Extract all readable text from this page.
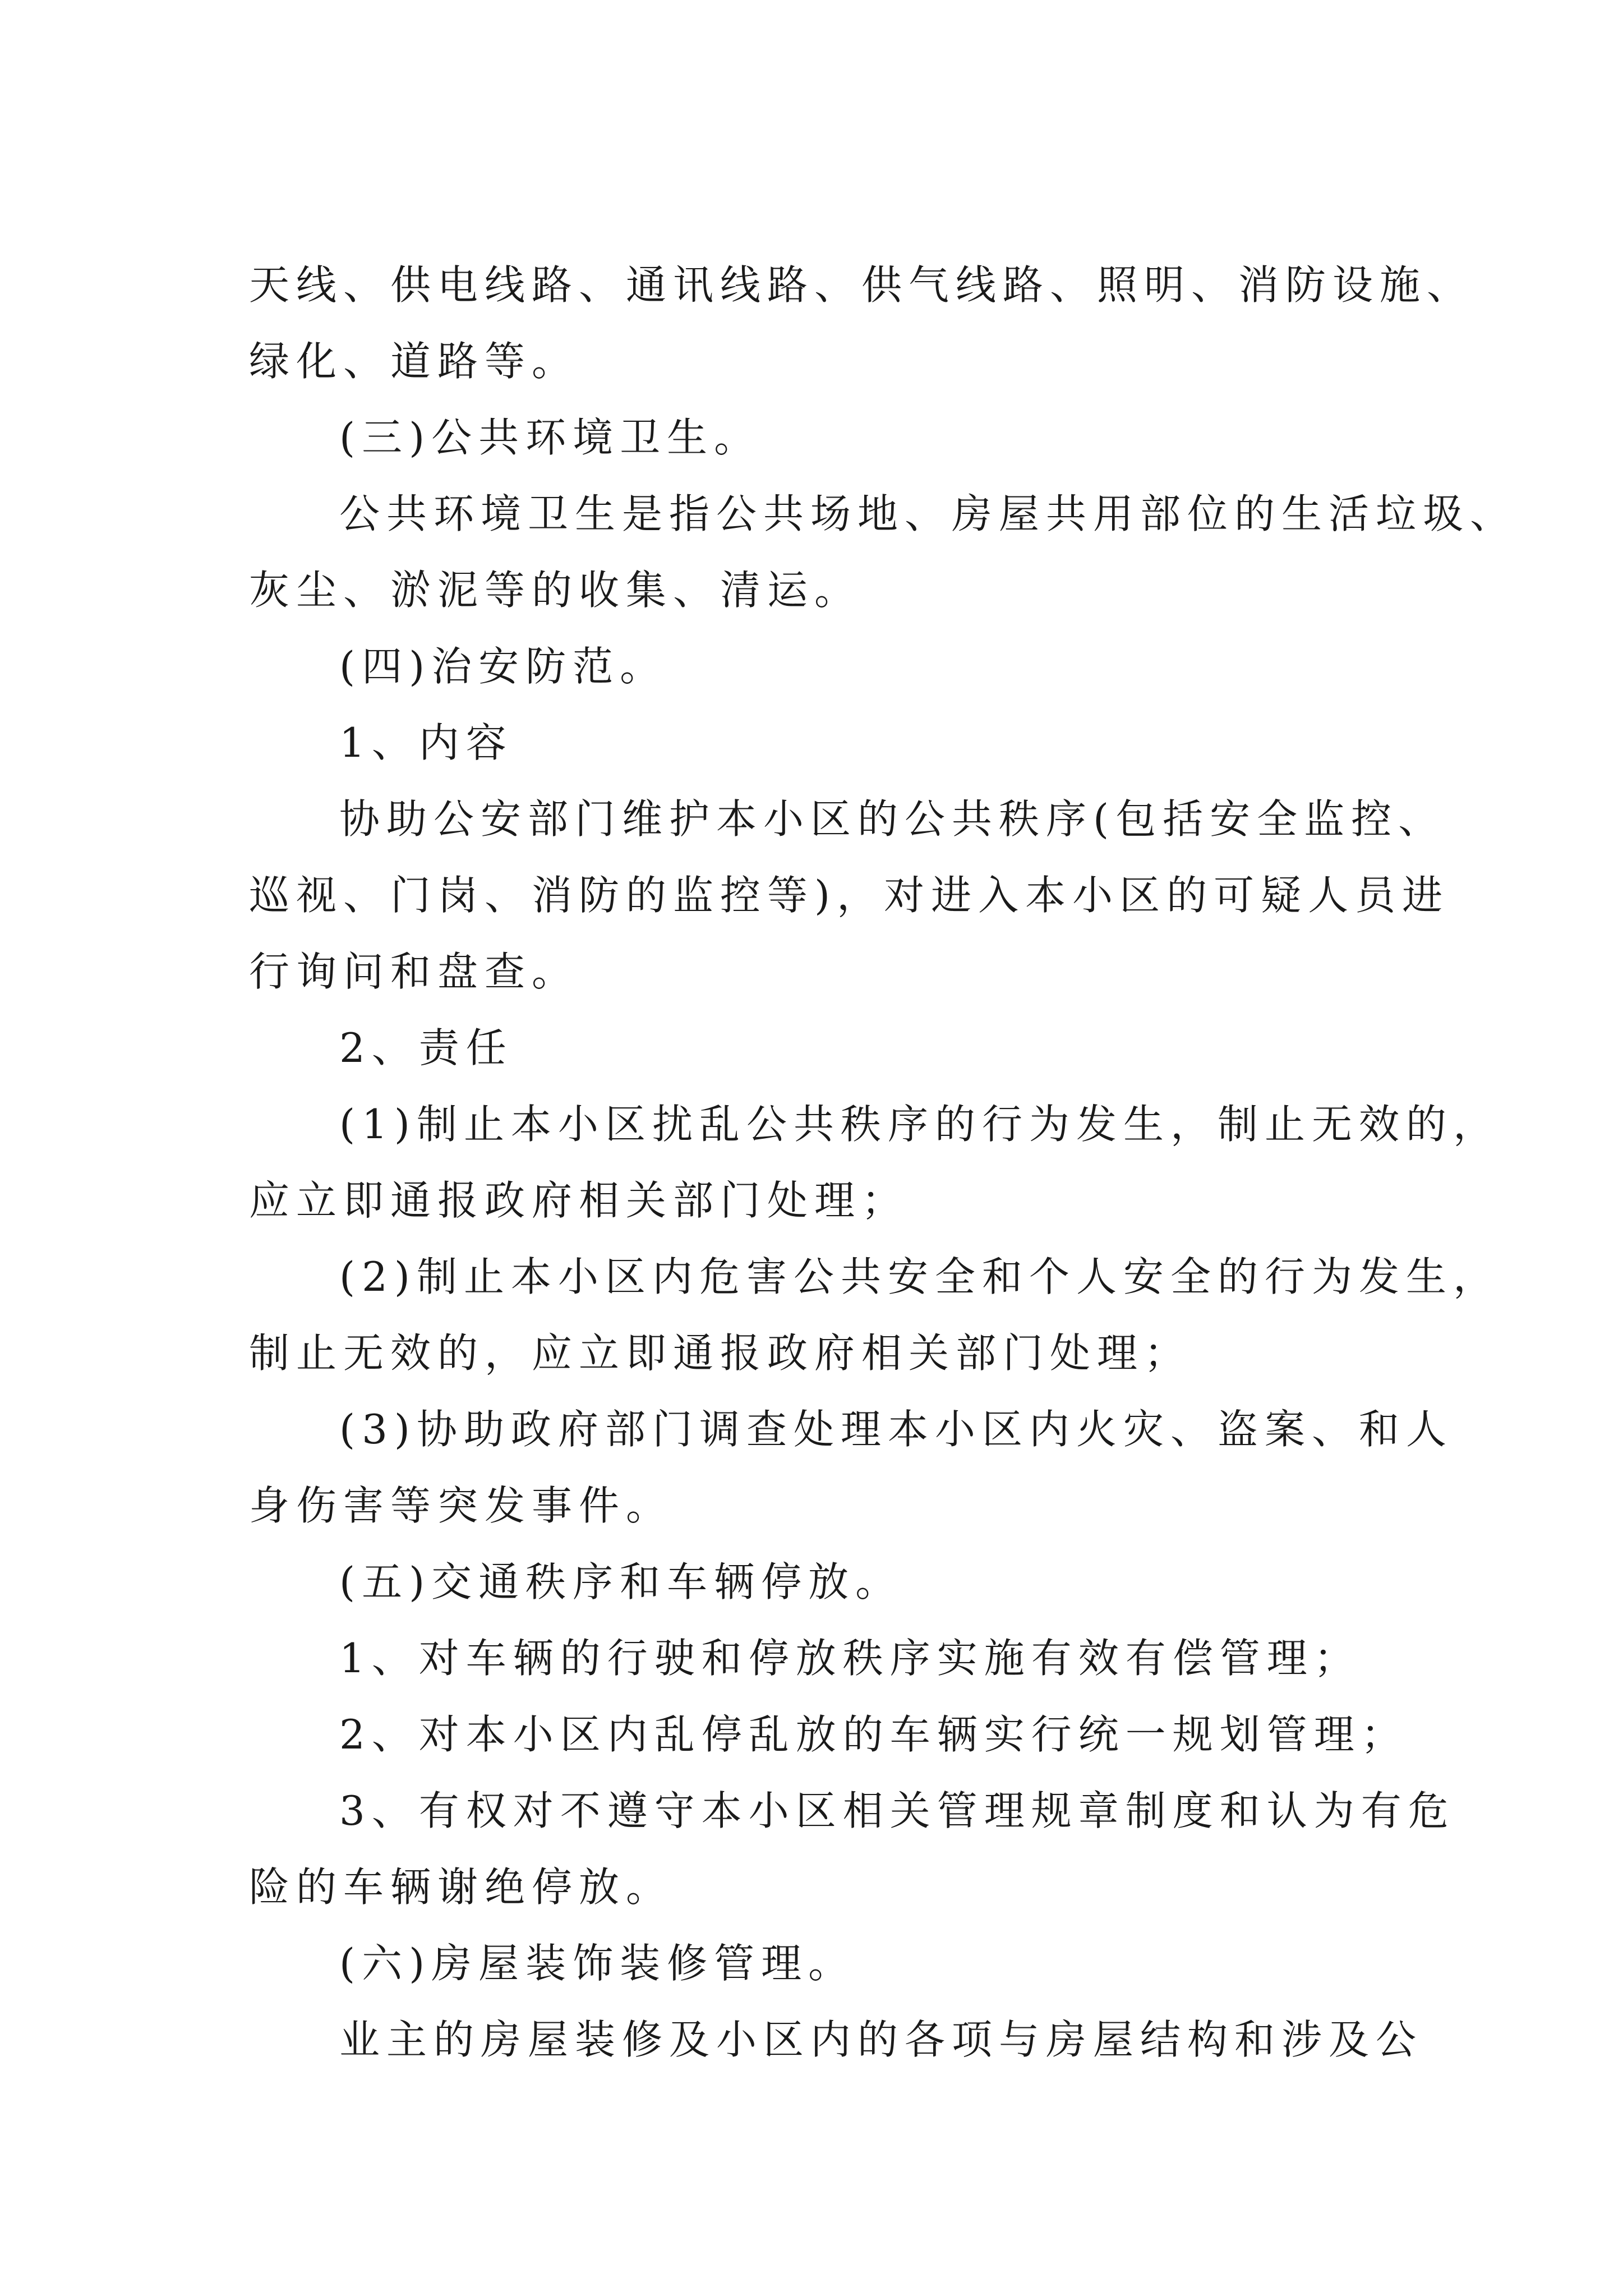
天线、供电线路、通讯线路、供气线路、照明、消防设施、

绿化、道路等。

(三)公共环境卫生。

公共环境卫生是指公共场地、房屋共用部位的生活垃圾、

灰尘、淤泥等的收集、清运。

(四)治安防范。

1、内容

协助公安部门维护本小区的公共秩序(包括安全监控、

巡视、门岗、消防的监控等)，对进入本小区的可疑人员进

行询问和盘查。

2、责任

(1)制止本小区扰乱公共秩序的行为发生，制止无效的，

应立即通报政府相关部门处理；

(2)制止本小区内危害公共安全和个人安全的行为发生，

制止无效的，应立即通报政府相关部门处理；

(3)协助政府部门调查处理本小区内火灾、盗案、和人

身伤害等突发事件。

(五)交通秩序和车辆停放。

1、对车辆的行驶和停放秩序实施有效有偿管理；

2、对本小区内乱停乱放的车辆实行统一规划管理；

3、有权对不遵守本小区相关管理规章制度和认为有危

险的车辆谢绝停放。

(六)房屋装饰装修管理。

业主的房屋装修及小区内的各项与房屋结构和涉及公
